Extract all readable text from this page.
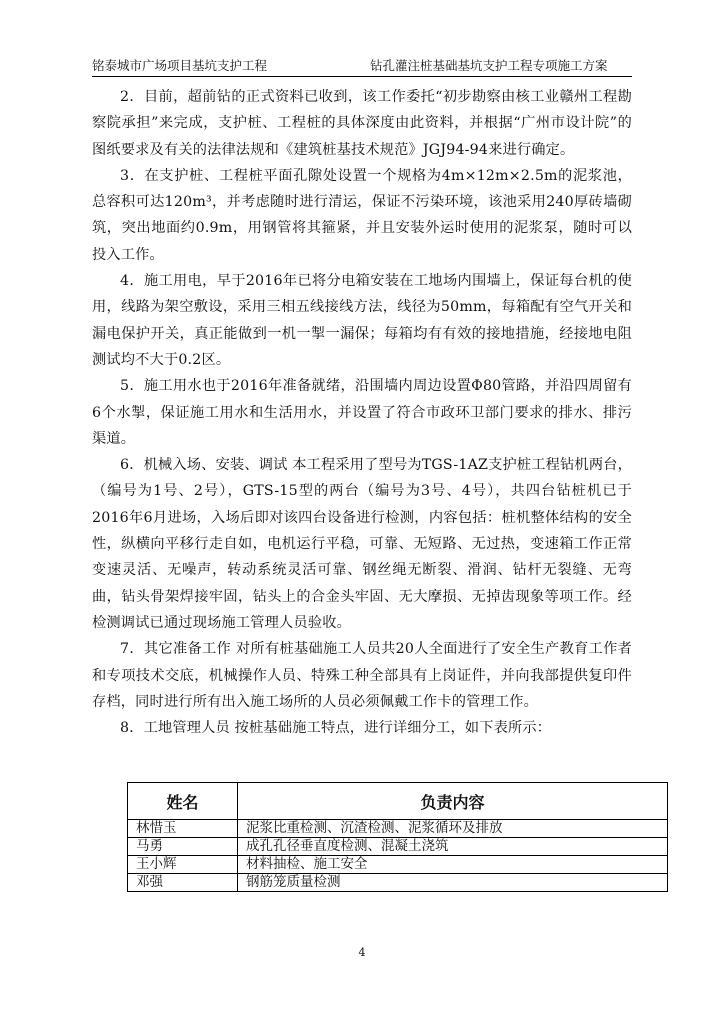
铭泰城市广场项目基坑支护工程	钻孔灌注桩基础基坑支护工程专项施工方案

2．目前，超前钻的正式资料已收到，该工作委托“初步勘察由核工业赣州工程勘察院承担”来完成，支护桩、工程桩的具体深度由此资料，并根据“广州市设计院”的图纸要求及有关的法律法规和《建筑桩基技术规范》JGJ94-94来进行确定。

3．在支护桩、工程桩平面孔隙处设置一个规格为4m×12m×2.5m的泥浆池，总容积可达120m³，并考虑随时进行清运，保证不污染环境，该池采用240厚砖墙砌筑，突出地面约0.9m，用钢管将其箍紧，并且安装外运时使用的泥浆泵，随时可以投入工作。

4．施工用电，早于2016年已将分电箱安装在工地场内围墙上，保证每台机的使用，线路为架空敷设，采用三相五线接线方法，线径为50mm，每箱配有空气开关和漏电保护开关，真正能做到一机一掣一漏保；每箱均有有效的接地措施，经接地电阻测试均不大于0.2区。

5．施工用水也于2016年准备就绪，沿围墙内周边设置Φ80管路，并沿四周留有6个水掣，保证施工用水和生活用水，并设置了符合市政环卫部门要求的排水、排污渠道。

6．机械入场、安装、调试 本工程采用了型号为TGS-1AZ支护桩工程钻机两台，（编号为1号、2号），GTS-15型的两台（编号为3号、4号），共四台钻桩机已于2016年6月进场，入场后即对该四台设备进行检测，内容包括：桩机整体结构的安全性，纵横向平移行走自如，电机运行平稳，可靠、无短路、无过热，变速箱工作正常变速灵活、无噪声，转动系统灵活可靠、钢丝绳无断裂、滑润、钻杆无裂缝、无弯曲，钻头骨架焊接牢固，钻头上的合金头牢固、无大摩损、无掉齿现象等项工作。经检测调试已通过现场施工管理人员验收。

7．其它准备工作 对所有桩基础施工人员共20人全面进行了安全生产教育工作者和专项技术交底，机械操作人员、特殊工种全部具有上岗证件，并向我部提供复印件存档，同时进行所有出入施工场所的人员必须佩戴工作卡的管理工作。

8．工地管理人员 按桩基础施工特点，进行详细分工，如下表所示：

姓名	负责内容
林惜玉	泥浆比重检测、沉渣检测、泥浆循环及排放
马勇	成孔孔径垂直度检测、混凝土浇筑
王小辉	材料抽检、施工安全
邓强	钢筋笼质量检测
4
